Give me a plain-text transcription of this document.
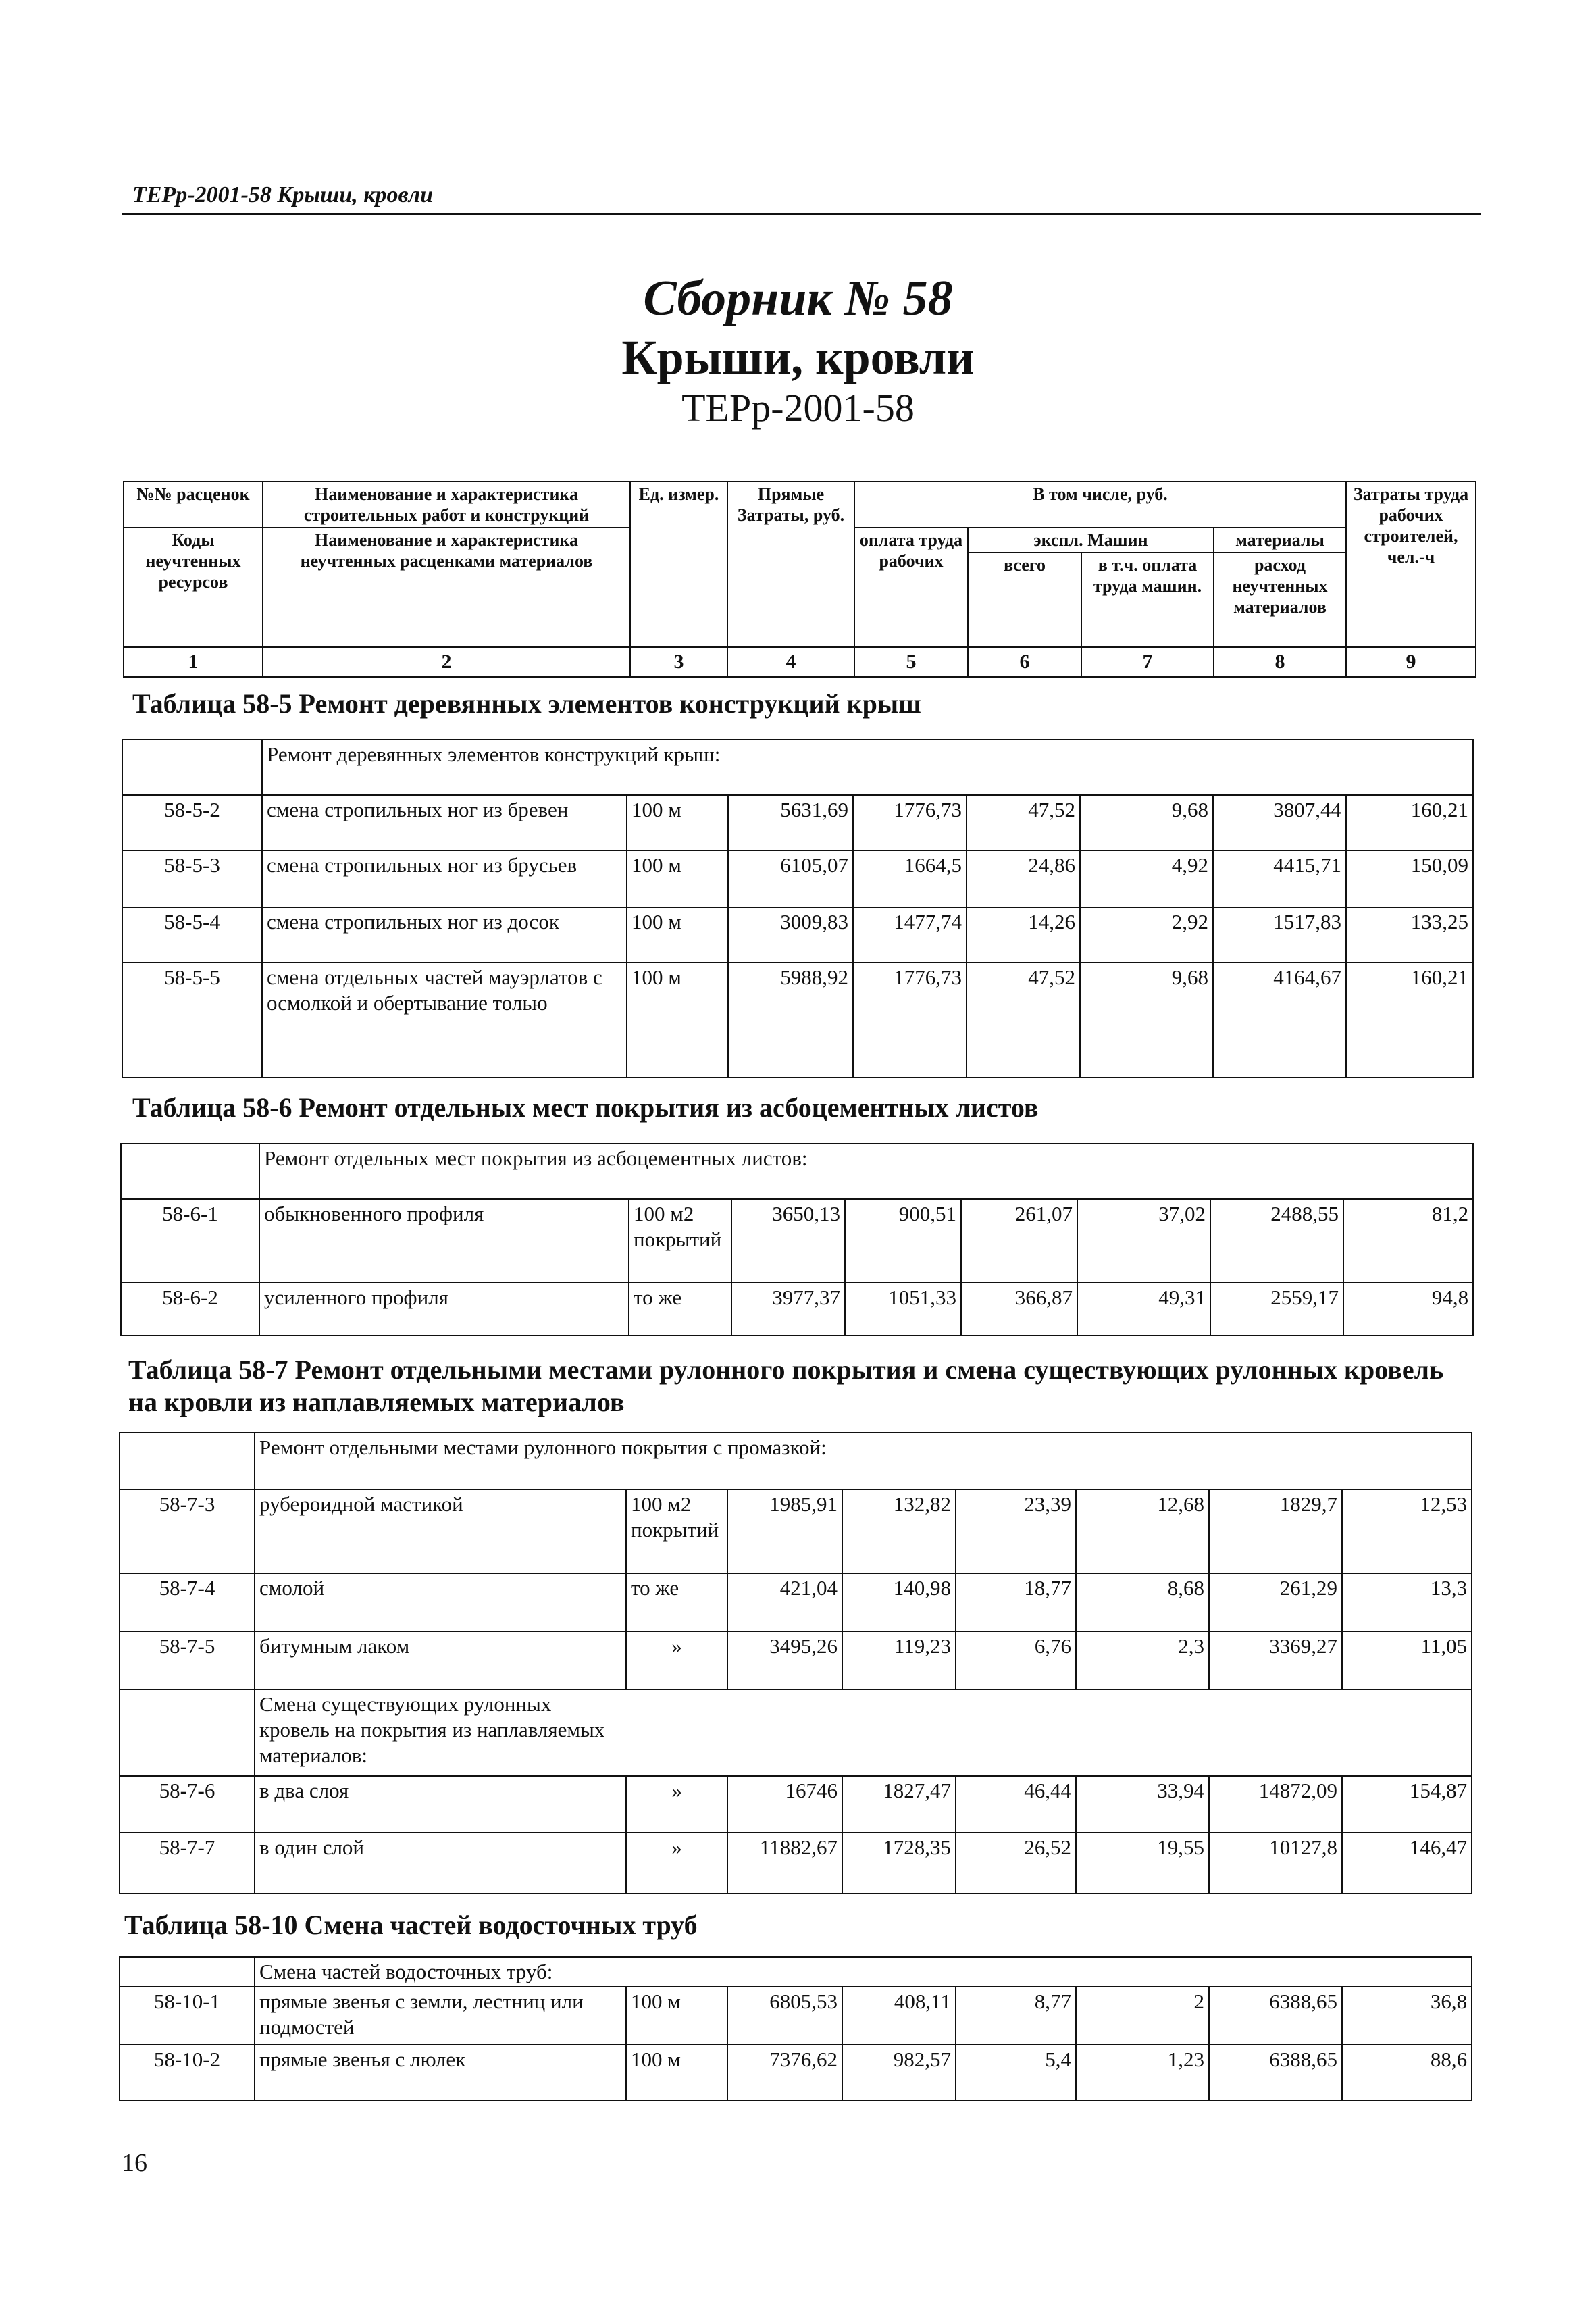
ТЕРр-2001-58 Крыши, кровли
Сборник № 58
Крыши, кровли
ТЕРр-2001-58
№№ расценок	Наименование и характеристика строительных работ и конструкций	Ед. измер.	Прямые Затраты, руб.	В том числе, руб.				Затраты труда рабочих строителей, чел.-ч
Коды неучтенных ресурсов	Наименование и характеристика неучтенных расценками материалов			оплата труда рабочих	экспл. Машин		материалы	
					всего	в т.ч. оплата труда машин.	расход неучтенных материалов	
1	2	3	4	5	6	7	8	9
Таблица 58-5 Ремонт деревянных элементов конструкций крыш
	Ремонт деревянных элементов конструкций крыш:							
58-5-2	смена стропильных ног из бревен	100 м	5631,69	1776,73	47,52	9,68	3807,44	160,21
58-5-3	смена стропильных ног из брусьев	100 м	6105,07	1664,5	24,86	4,92	4415,71	150,09
58-5-4	смена стропильных ног из досок	100 м	3009,83	1477,74	14,26	2,92	1517,83	133,25
58-5-5	смена отдельных частей мауэрлатов с осмолкой и обертывание толью	100 м	5988,92	1776,73	47,52	9,68	4164,67	160,21
Таблица 58-6 Ремонт отдельных мест покрытия из асбоцементных листов
	Ремонт отдельных мест покрытия из асбоцементных листов:							
58-6-1	обыкновенного профиля	100 м2 покрытий	3650,13	900,51	261,07	37,02	2488,55	81,2
58-6-2	усиленного профиля	то же	3977,37	1051,33	366,87	49,31	2559,17	94,8
Таблица 58-7 Ремонт отдельными местами рулонного покрытия и смена существующих рулонных кровель на кровли из наплавляемых материалов
	Ремонт отдельными местами рулонного покрытия с промазкой:							
58-7-3	рубероидной мастикой	100 м2 покрытий	1985,91	132,82	23,39	12,68	1829,7	12,53
58-7-4	смолой	то же	421,04	140,98	18,77	8,68	261,29	13,3
58-7-5	битумным лаком	»	3495,26	119,23	6,76	2,3	3369,27	11,05

	Смена существующих рулонных кровель на покрытия из наплавляемых материалов:							

58-7-6	в два слоя	»	16746	1827,47	46,44	33,94	14872,09	154,87
58-7-7	в один слой	»	11882,67	1728,35	26,52	19,55	10127,8	146,47
Таблица 58-10 Смена частей водосточных труб
	Смена частей водосточных труб:							
58-10-1	прямые звенья с земли, лестниц или подмостей	100 м	6805,53	408,11	8,77	2	6388,65	36,8
58-10-2	прямые звенья с люлек	100 м	7376,62	982,57	5,4	1,23	6388,65	88,6
16
